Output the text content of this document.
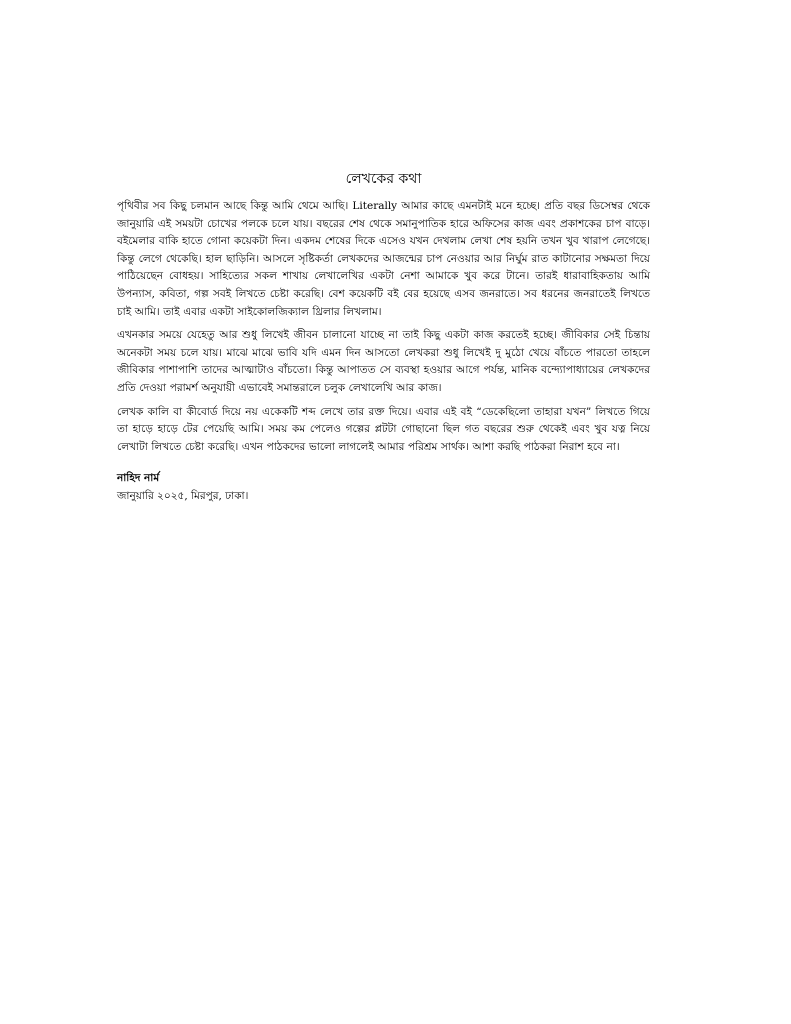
লেখকের কথা

পৃথিবীর সব কিছু চলমান আছে কিন্তু আমি থেমে আছি। Literally আমার কাছে এমনটাই মনে হচ্ছে। প্রতি বছর ডিসেম্বর থেকে জানুয়ারি এই সময়টা চোখের পলকে চলে যায়। বছরের শেষ থেকে সমানুপাতিক হারে অফিসের কাজ এবং প্রকাশকের চাপ বাড়ে। বইমেলার বাকি হাতে গোনা কয়েকটা দিন। একদম শেষের দিকে এসেও যখন দেখলাম লেখা শেষ হয়নি তখন খুব খারাপ লেগেছে। কিন্তু লেগে থেকেছি। হাল ছাড়িনি। আসলে সৃষ্টিকর্তা লেখকদের আজন্মের চাপ নেওয়ার আর নির্ঘুম রাত কাটানোর সক্ষমতা দিয়ে পাঠিয়েছেন বোধহয়। সাহিত্যের সকল শাখায় লেখালেখির একটা নেশা আমাকে খুব করে টানে। তারই ধারাবাহিকতায় আমি উপন্যাস, কবিতা, গল্প সবই লিখতে চেষ্টা করেছি। বেশ কয়েকটি বই বের হয়েছে এসব জনরাতে। সব ধরনের জনরাতেই লিখতে চাই আমি। তাই এবার একটা সাইকোলজিক্যাল থ্রিলার লিখলাম।

এখনকার সময়ে যেহেতু আর শুধু লিখেই জীবন চালানো যাচ্ছে না তাই কিছু একটা কাজ করতেই হচ্ছে। জীবিকার সেই চিন্তায় অনেকটা সময় চলে যায়। মাঝে মাঝে ভাবি যদি এমন দিন আসতো লেখকরা শুধু লিখেই দু মুঠো খেয়ে বাঁচতে পারতো তাহলে জীবিকার পাশাপাশি তাদের আত্মাটাও বাঁচতো। কিন্তু আপাতত সে ব্যবস্থা হওয়ার আগে পর্যন্ত, মানিক বন্দ্যোপাধ্যায়ের লেখকদের প্রতি দেওয়া পরামর্শ অনুযায়ী এভাবেই সমান্তরালে চলুক লেখালেখি আর কাজ।

লেখক কালি বা কীবোর্ড দিয়ে নয় একেকটি শব্দ লেখে তার রক্ত দিয়ে। এবার এই বই “ডেকেছিলো তাহারা যখন” লিখতে গিয়ে তা হাড়ে হাড়ে টের পেয়েছি আমি। সময় কম পেলেও গল্পের প্লটটা গোছানো ছিল গত বছরের শুরু থেকেই এবং খুব যত্ন নিয়ে লেখাটা লিখতে চেষ্টা করেছি। এখন পাঠকদের ভালো লাগলেই আমার পরিশ্রম সার্থক। আশা করছি পাঠকরা নিরাশ হবে না।

নাহিদ নার্ম
জানুয়ারি ২০২৫, মিরপুর, ঢাকা।
